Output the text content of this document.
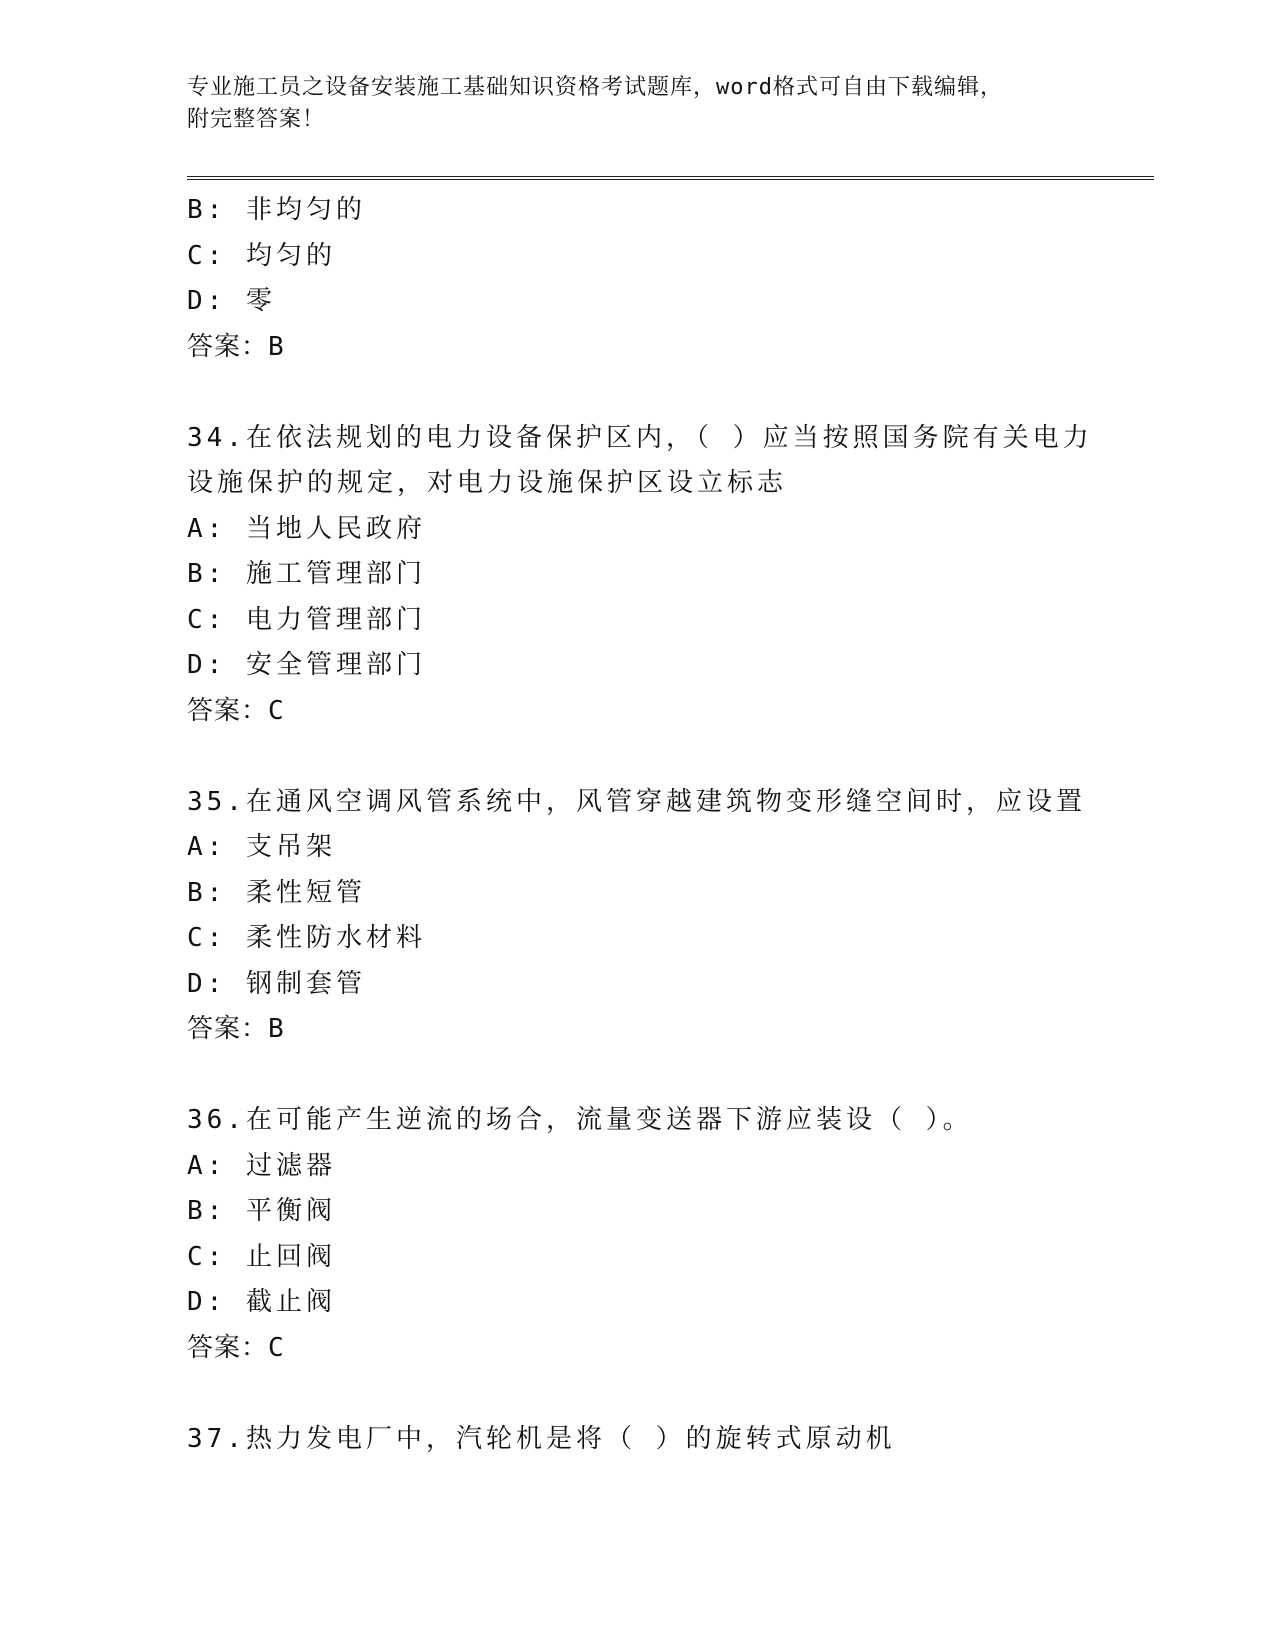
专业施工员之设备安装施工基础知识资格考试题库，word格式可自由下载编辑，
附完整答案！
B: 非均匀的
C: 均匀的
D: 零
答案：B
34.在依法规划的电力设备保护区内，（ ）应当按照国务院有关电力
设施保护的规定，对电力设施保护区设立标志
A: 当地人民政府
B: 施工管理部门
C: 电力管理部门
D: 安全管理部门
答案：C
35.在通风空调风管系统中，风管穿越建筑物变形缝空间时，应设置
A: 支吊架
B: 柔性短管
C: 柔性防水材料
D: 钢制套管
答案：B
36.在可能产生逆流的场合，流量变送器下游应装设（ ）。
A: 过滤器
B: 平衡阀
C: 止回阀
D: 截止阀
答案：C
37.热力发电厂中，汽轮机是将（ ）的旋转式原动机
